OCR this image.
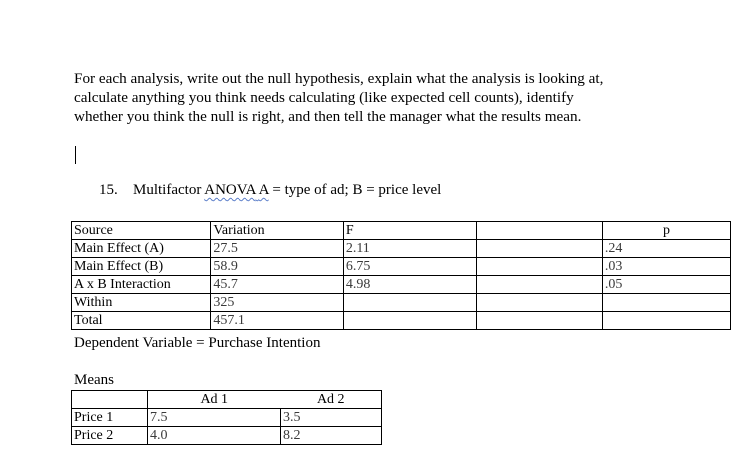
For each analysis, write out the null hypothesis, explain what the analysis is looking at,
calculate anything you think needs calculating (like expected cell counts), identify
whether you think the null is right, and then tell the manager what the results mean.

15. Multifactor ANOVA A = type of ad; B = price level
Source	Variation	F		p
Main Effect (A)	27.5	2.11		.24
Main Effect (B)	58.9	6.75		.03
A x B Interaction	45.7	4.98		.05
Within	325			
Total	457.1			
Dependent Variable = Purchase Intention
Means
	Ad 1	Ad 2
Price 1	7.5	3.5
Price 2	4.0	8.2
